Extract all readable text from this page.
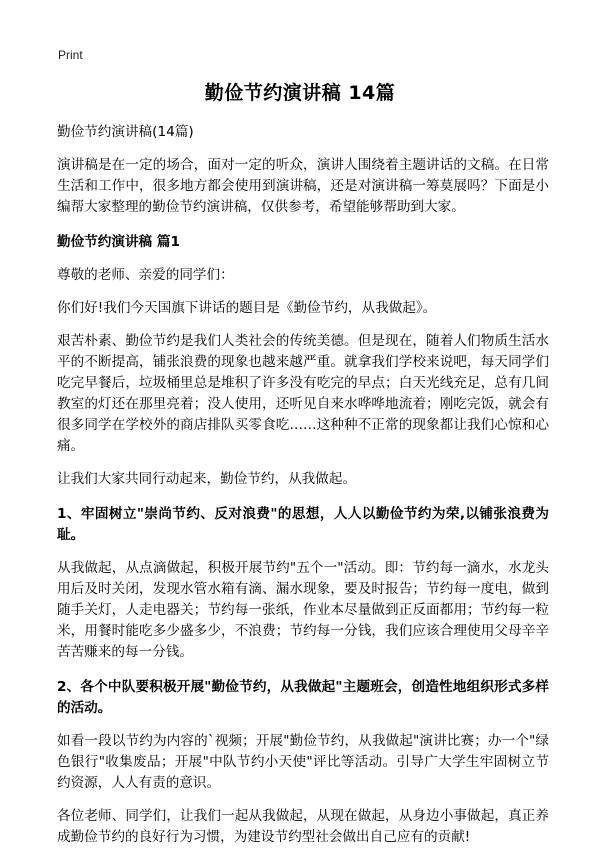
Print
勤俭节约演讲稿 14篇

勤俭节约演讲稿(14篇)

演讲稿是在一定的场合，面对一定的听众，演讲人围绕着主题讲话的文稿。在日常生活和工作中，很多地方都会使用到演讲稿，还是对演讲稿一筹莫展吗？下面是小编帮大家整理的勤俭节约演讲稿，仅供参考，希望能够帮助到大家。

勤俭节约演讲稿 篇1

尊敬的老师、亲爱的同学们：

你们好!我们今天国旗下讲话的题目是《勤俭节约，从我做起》。

艰苦朴素、勤俭节约是我们人类社会的传统美德。但是现在，随着人们物质生活水平的不断提高，铺张浪费的现象也越来越严重。就拿我们学校来说吧，每天同学们吃完早餐后，垃圾桶里总是堆积了许多没有吃完的早点；白天光线充足，总有几间教室的灯还在那里亮着；没人使用，还听见自来水哗哗地流着；刚吃完饭，就会有很多同学在学校外的商店排队买零食吃……这种种不正常的现象都让我们心惊和心痛。

让我们大家共同行动起来，勤俭节约，从我做起。

1、牢固树立"崇尚节约、反对浪费"的思想，人人以勤俭节约为荣,以铺张浪费为耻。

从我做起，从点滴做起，积极开展节约"五个一"活动。即：节约每一滴水，水龙头用后及时关闭，发现水管水箱有滴、漏水现象，要及时报告；节约每一度电，做到随手关灯，人走电器关；节约每一张纸，作业本尽量做到正反面都用；节约每一粒米，用餐时能吃多少盛多少，不浪费；节约每一分钱，我们应该合理使用父母辛辛苦苦赚来的每一分钱。

2、各个中队要积极开展"勤俭节约，从我做起"主题班会，创造性地组织形式多样的活动。

如看一段以节约为内容的`视频；开展"勤俭节约，从我做起"演讲比赛；办一个"绿色银行"收集废品；开展"中队节约小天使"评比等活动。引导广大学生牢固树立节约资源，人人有责的意识。

各位老师、同学们，让我们一起从我做起，从现在做起，从身边小事做起，真正养成勤俭节约的良好行为习惯，为建设节约型社会做出自己应有的贡献!
